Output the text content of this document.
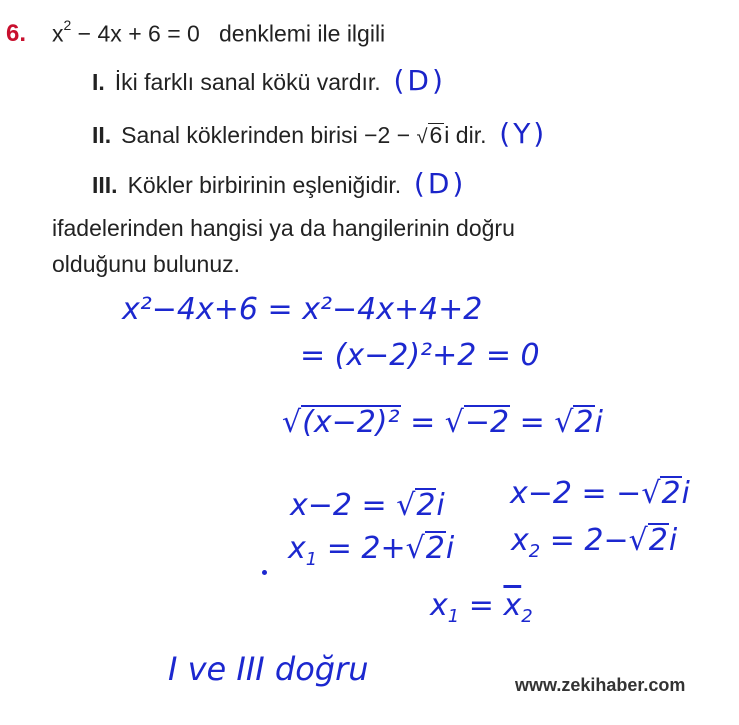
6. $x^2 - 4x + 6 = 0$ denklemi ile ilgili
I. İki farklı sanal kökü vardır. (D)
II. Sanal köklerinden birisi −2 − √6i dir. (Y)
III. Kökler birbirinin eşleniğidir. (D)
ifadelerinden hangisi ya da hangilerinin doğru
olduğunu bulunuz.
x²−4x+6 = x²−4x+4+2
= (x−2)²+2 = 0
√(x−2)² = √−2 = √2i
x−2 = √2i x−2 = −√2i
$x_1 = 2+√2i$ $x_2 = 2-√2i$
$x_1 = \overline{x}_2$
I ve III doğru	www.zekihaber.com
